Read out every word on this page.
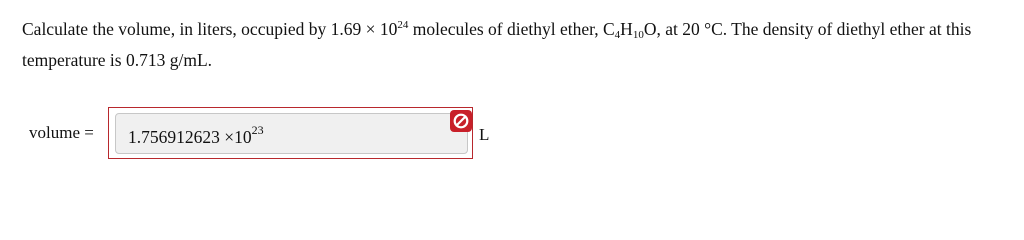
Calculate the volume, in liters, occupied by $1.69 \times 10^{24}$ molecules of diethyl ether, $C_4H_{10}O$, at 20 °C. The density of diethyl ether at this temperature is 0.713 g/mL.
volume = $1.756912623 \times 10^{23}$	L
